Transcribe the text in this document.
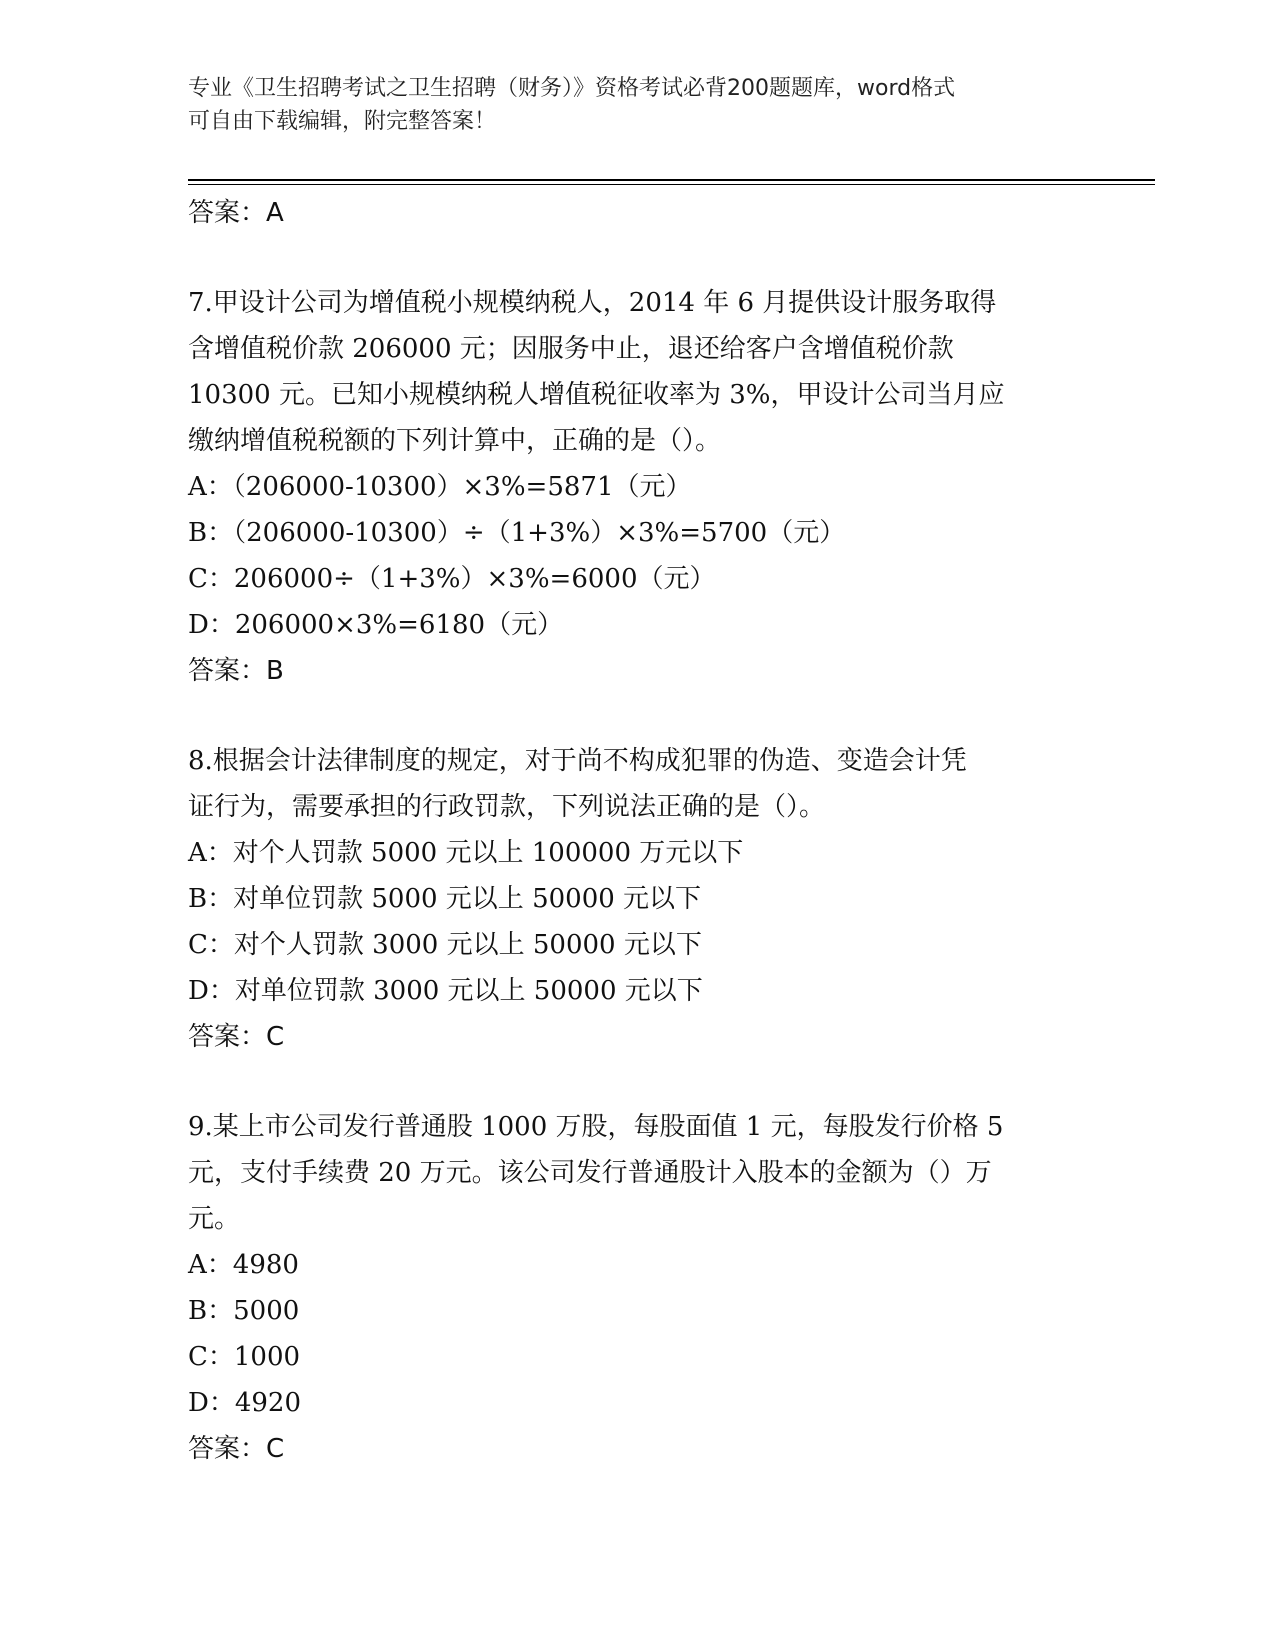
专业《卫生招聘考试之卫生招聘（财务）》资格考试必背200题题库，word格式
可自由下载编辑，附完整答案！
答案：A
7.甲设计公司为增值税小规模纳税人，2014 年 6 月提供设计服务取得
含增值税价款 206000 元；因服务中止，退还给客户含增值税价款
10300 元。已知小规模纳税人增值税征收率为 3%，甲设计公司当月应
缴纳增值税税额的下列计算中，正确的是（）。
A：（206000-10300）×3%=5871（元）
B：（206000-10300）÷（1+3%）×3%=5700（元）
C：206000÷（1+3%）×3%=6000（元）
D：206000×3%=6180（元）
答案：B
8.根据会计法律制度的规定，对于尚不构成犯罪的伪造、变造会计凭
证行为，需要承担的行政罚款，下列说法正确的是（）。
A：对个人罚款 5000 元以上 100000 万元以下
B：对单位罚款 5000 元以上 50000 元以下
C：对个人罚款 3000 元以上 50000 元以下
D：对单位罚款 3000 元以上 50000 元以下
答案：C
9.某上市公司发行普通股 1000 万股，每股面值 1 元，每股发行价格 5
元，支付手续费 20 万元。该公司发行普通股计入股本的金额为（）万
元。
A：4980
B：5000
C：1000
D：4920
答案：C
